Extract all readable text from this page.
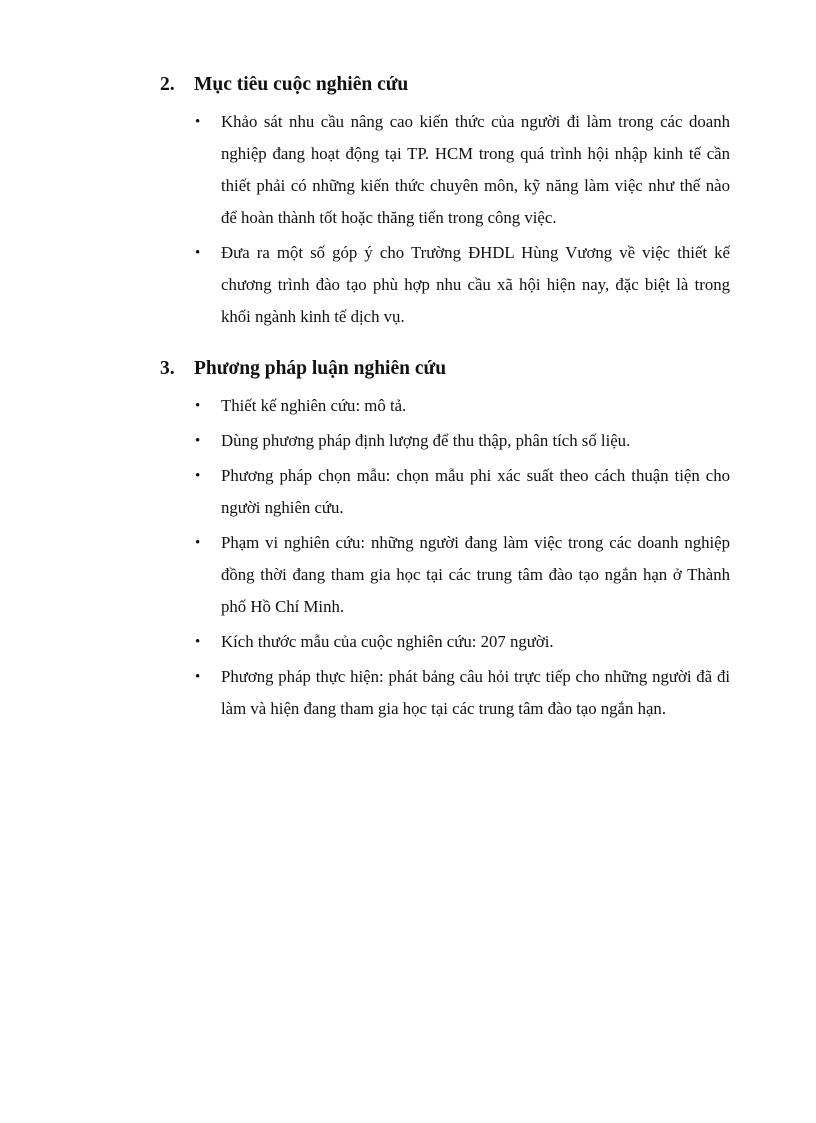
2. Mục tiêu cuộc nghiên cứu
• Khảo sát nhu cầu nâng cao kiến thức của người đi làm trong các doanh nghiệp đang hoạt động tại TP. HCM trong quá trình hội nhập kinh tế cần thiết phải có những kiến thức chuyên môn, kỹ năng làm việc như thế nào để hoàn thành tốt hoặc thăng tiến trong công việc.
• Đưa ra một số góp ý cho Trường ĐHDL Hùng Vương về việc thiết kế chương trình đào tạo phù hợp nhu cầu xã hội hiện nay, đặc biệt là trong khối ngành kinh tế dịch vụ.
3. Phương pháp luận nghiên cứu
• Thiết kế nghiên cứu: mô tả.
• Dùng phương pháp định lượng để thu thập, phân tích số liệu.
• Phương pháp chọn mẫu: chọn mẫu phi xác suất theo cách thuận tiện cho người nghiên cứu.
• Phạm vi nghiên cứu: những người đang làm việc trong các doanh nghiệp đồng thời đang tham gia học tại các trung tâm đào tạo ngắn hạn ở Thành phố Hồ Chí Minh.
• Kích thước mẫu của cuộc nghiên cứu: 207 người.
• Phương pháp thực hiện: phát bảng câu hỏi trực tiếp cho những người đã đi làm và hiện đang tham gia học tại các trung tâm đào tạo ngắn hạn.
